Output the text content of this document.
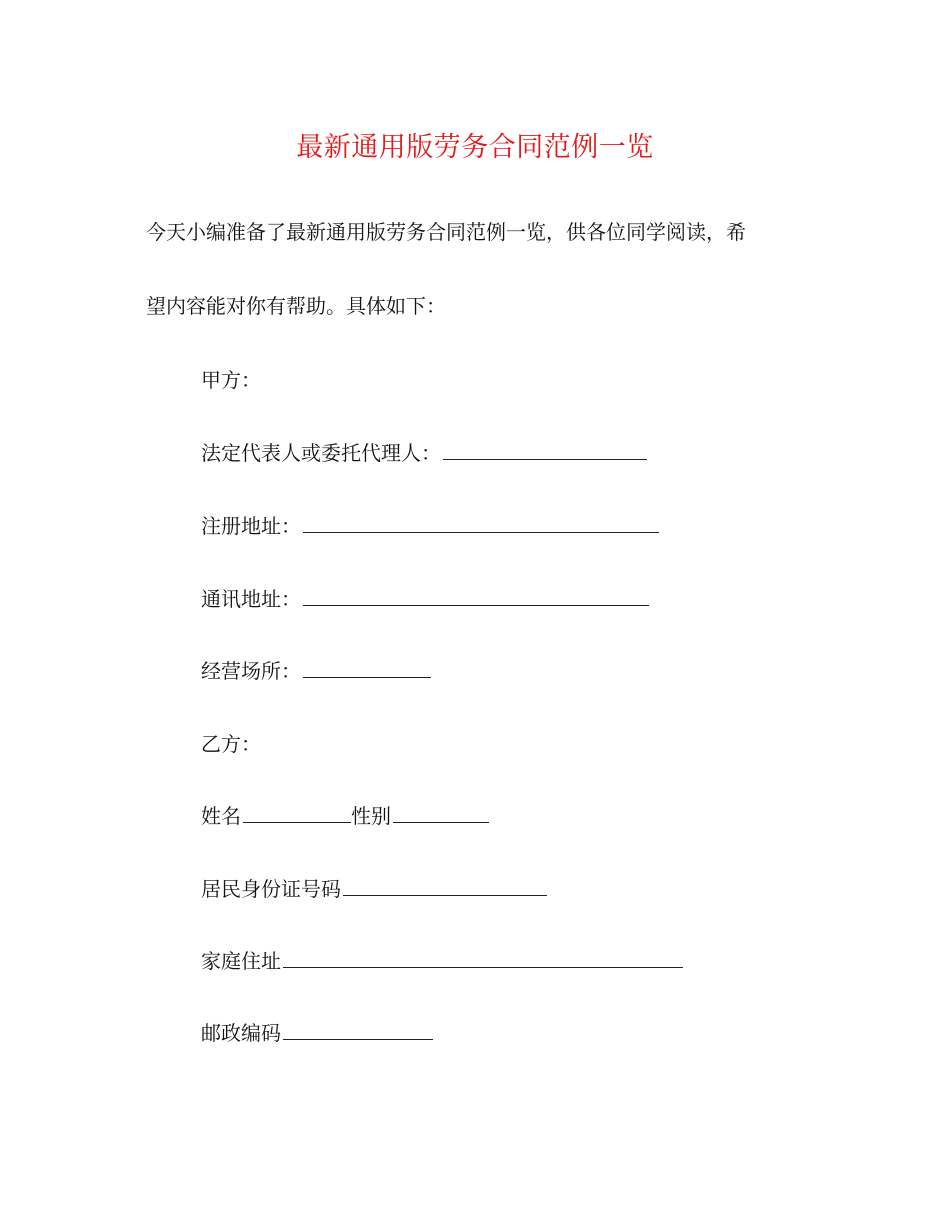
最新通用版劳务合同范例一览
今天小编准备了最新通用版劳务合同范例一览，供各位同学阅读，希
望内容能对你有帮助。具体如下：
甲方：
法定代表人或委托代理人：
注册地址：
通讯地址：
经营场所：
乙方：
姓名	性别
居民身份证号码
家庭住址
邮政编码
